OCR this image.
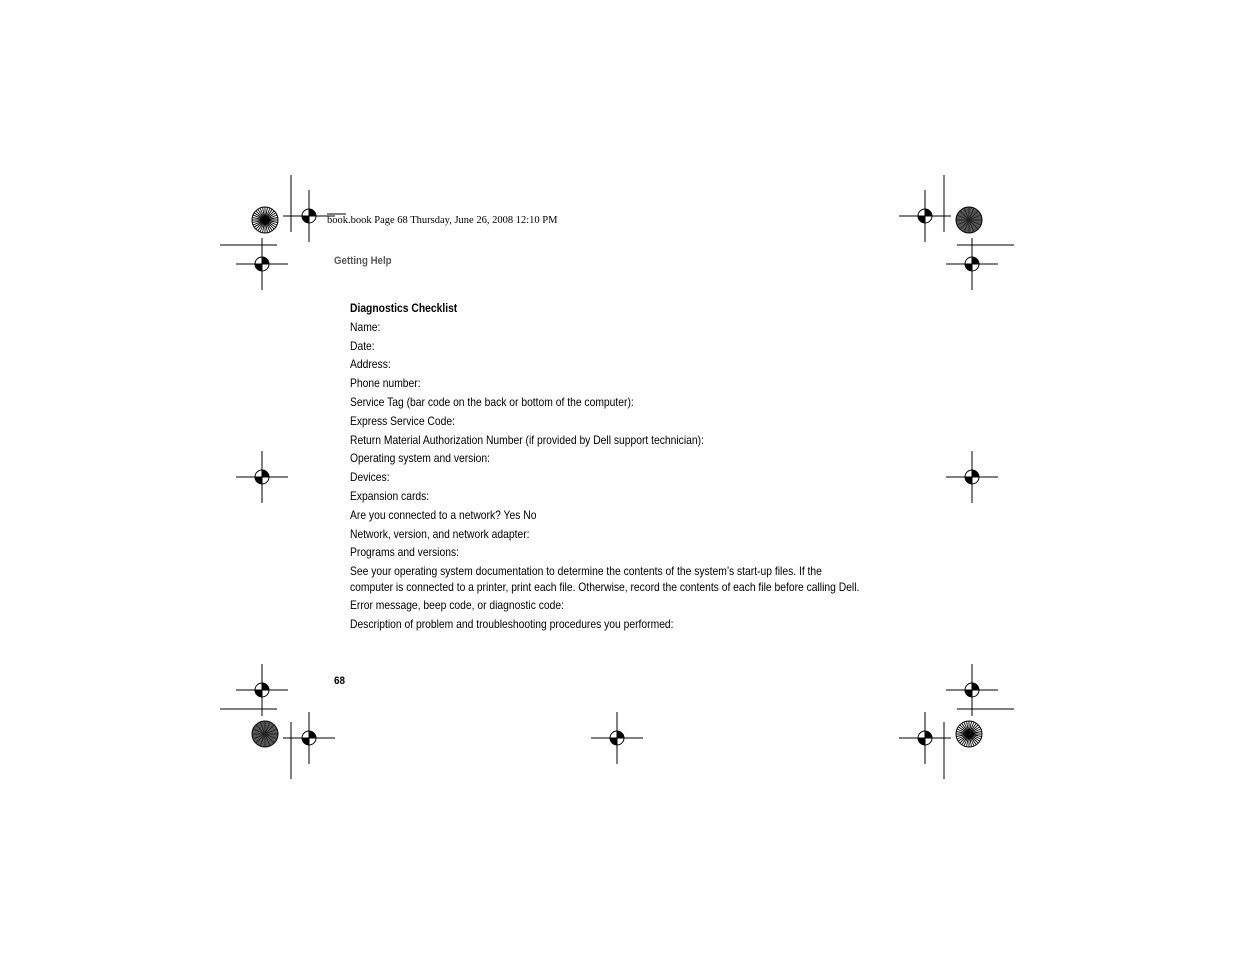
book.book Page 68 Thursday, June 26, 2008 12:10 PM
Getting Help
Diagnostics Checklist
Name:
Date:
Address:
Phone number:
Service Tag (bar code on the back or bottom of the computer):
Express Service Code:
Return Material Authorization Number (if provided by Dell support technician):
Operating system and version:
Devices:
Expansion cards:
Are you connected to a network? Yes No
Network, version, and network adapter:
Programs and versions:
See your operating system documentation to determine the contents of the system’s start-up files. If the computer is connected to a printer, print each file. Otherwise, record the contents of each file before calling Dell.
Error message, beep code, or diagnostic code:
Description of problem and troubleshooting procedures you performed:
68
